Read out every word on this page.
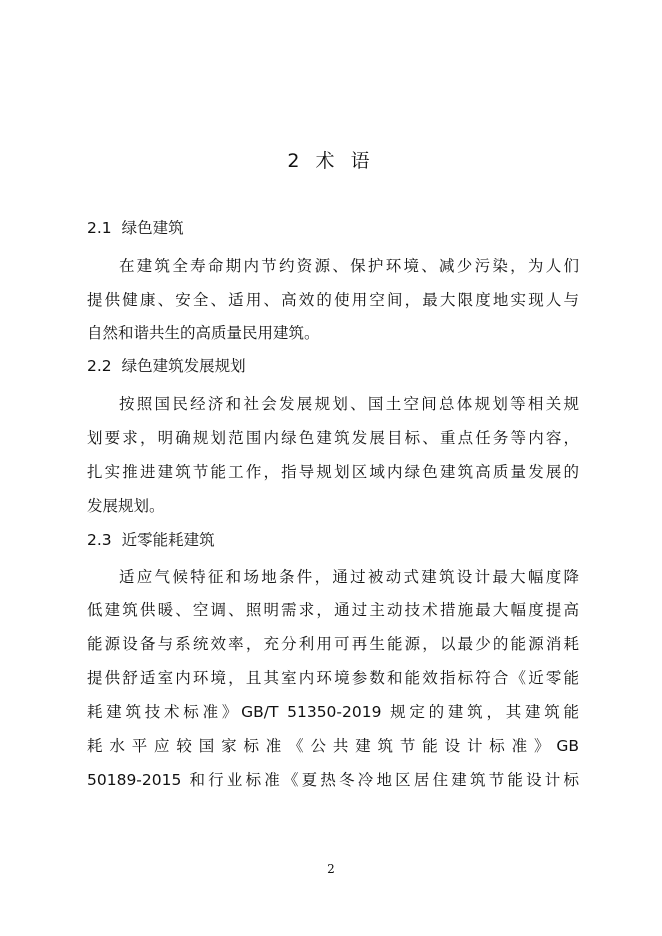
2 术 语
2.1 绿色建筑
在建筑全寿命期内节约资源、保护环境、减少污染，为人们
提供健康、安全、适用、高效的使用空间，最大限度地实现人与
自然和谐共生的高质量民用建筑。
2.2 绿色建筑发展规划
按照国民经济和社会发展规划、国土空间总体规划等相关规
划要求，明确规划范围内绿色建筑发展目标、重点任务等内容，
扎实推进建筑节能工作，指导规划区域内绿色建筑高质量发展的
发展规划。
2.3 近零能耗建筑
适应气候特征和场地条件，通过被动式建筑设计最大幅度降
低建筑供暖、空调、照明需求，通过主动技术措施最大幅度提高
能源设备与系统效率，充分利用可再生能源，以最少的能源消耗
提供舒适室内环境，且其室内环境参数和能效指标符合《近零能
耗建筑技术标准》GB/T 51350-2019 规定的建筑，其建筑能
耗水平应较国家标准《公共建筑节能设计标准》GB
50189-2015 和行业标准《夏热冬冷地区居住建筑节能设计标
2
